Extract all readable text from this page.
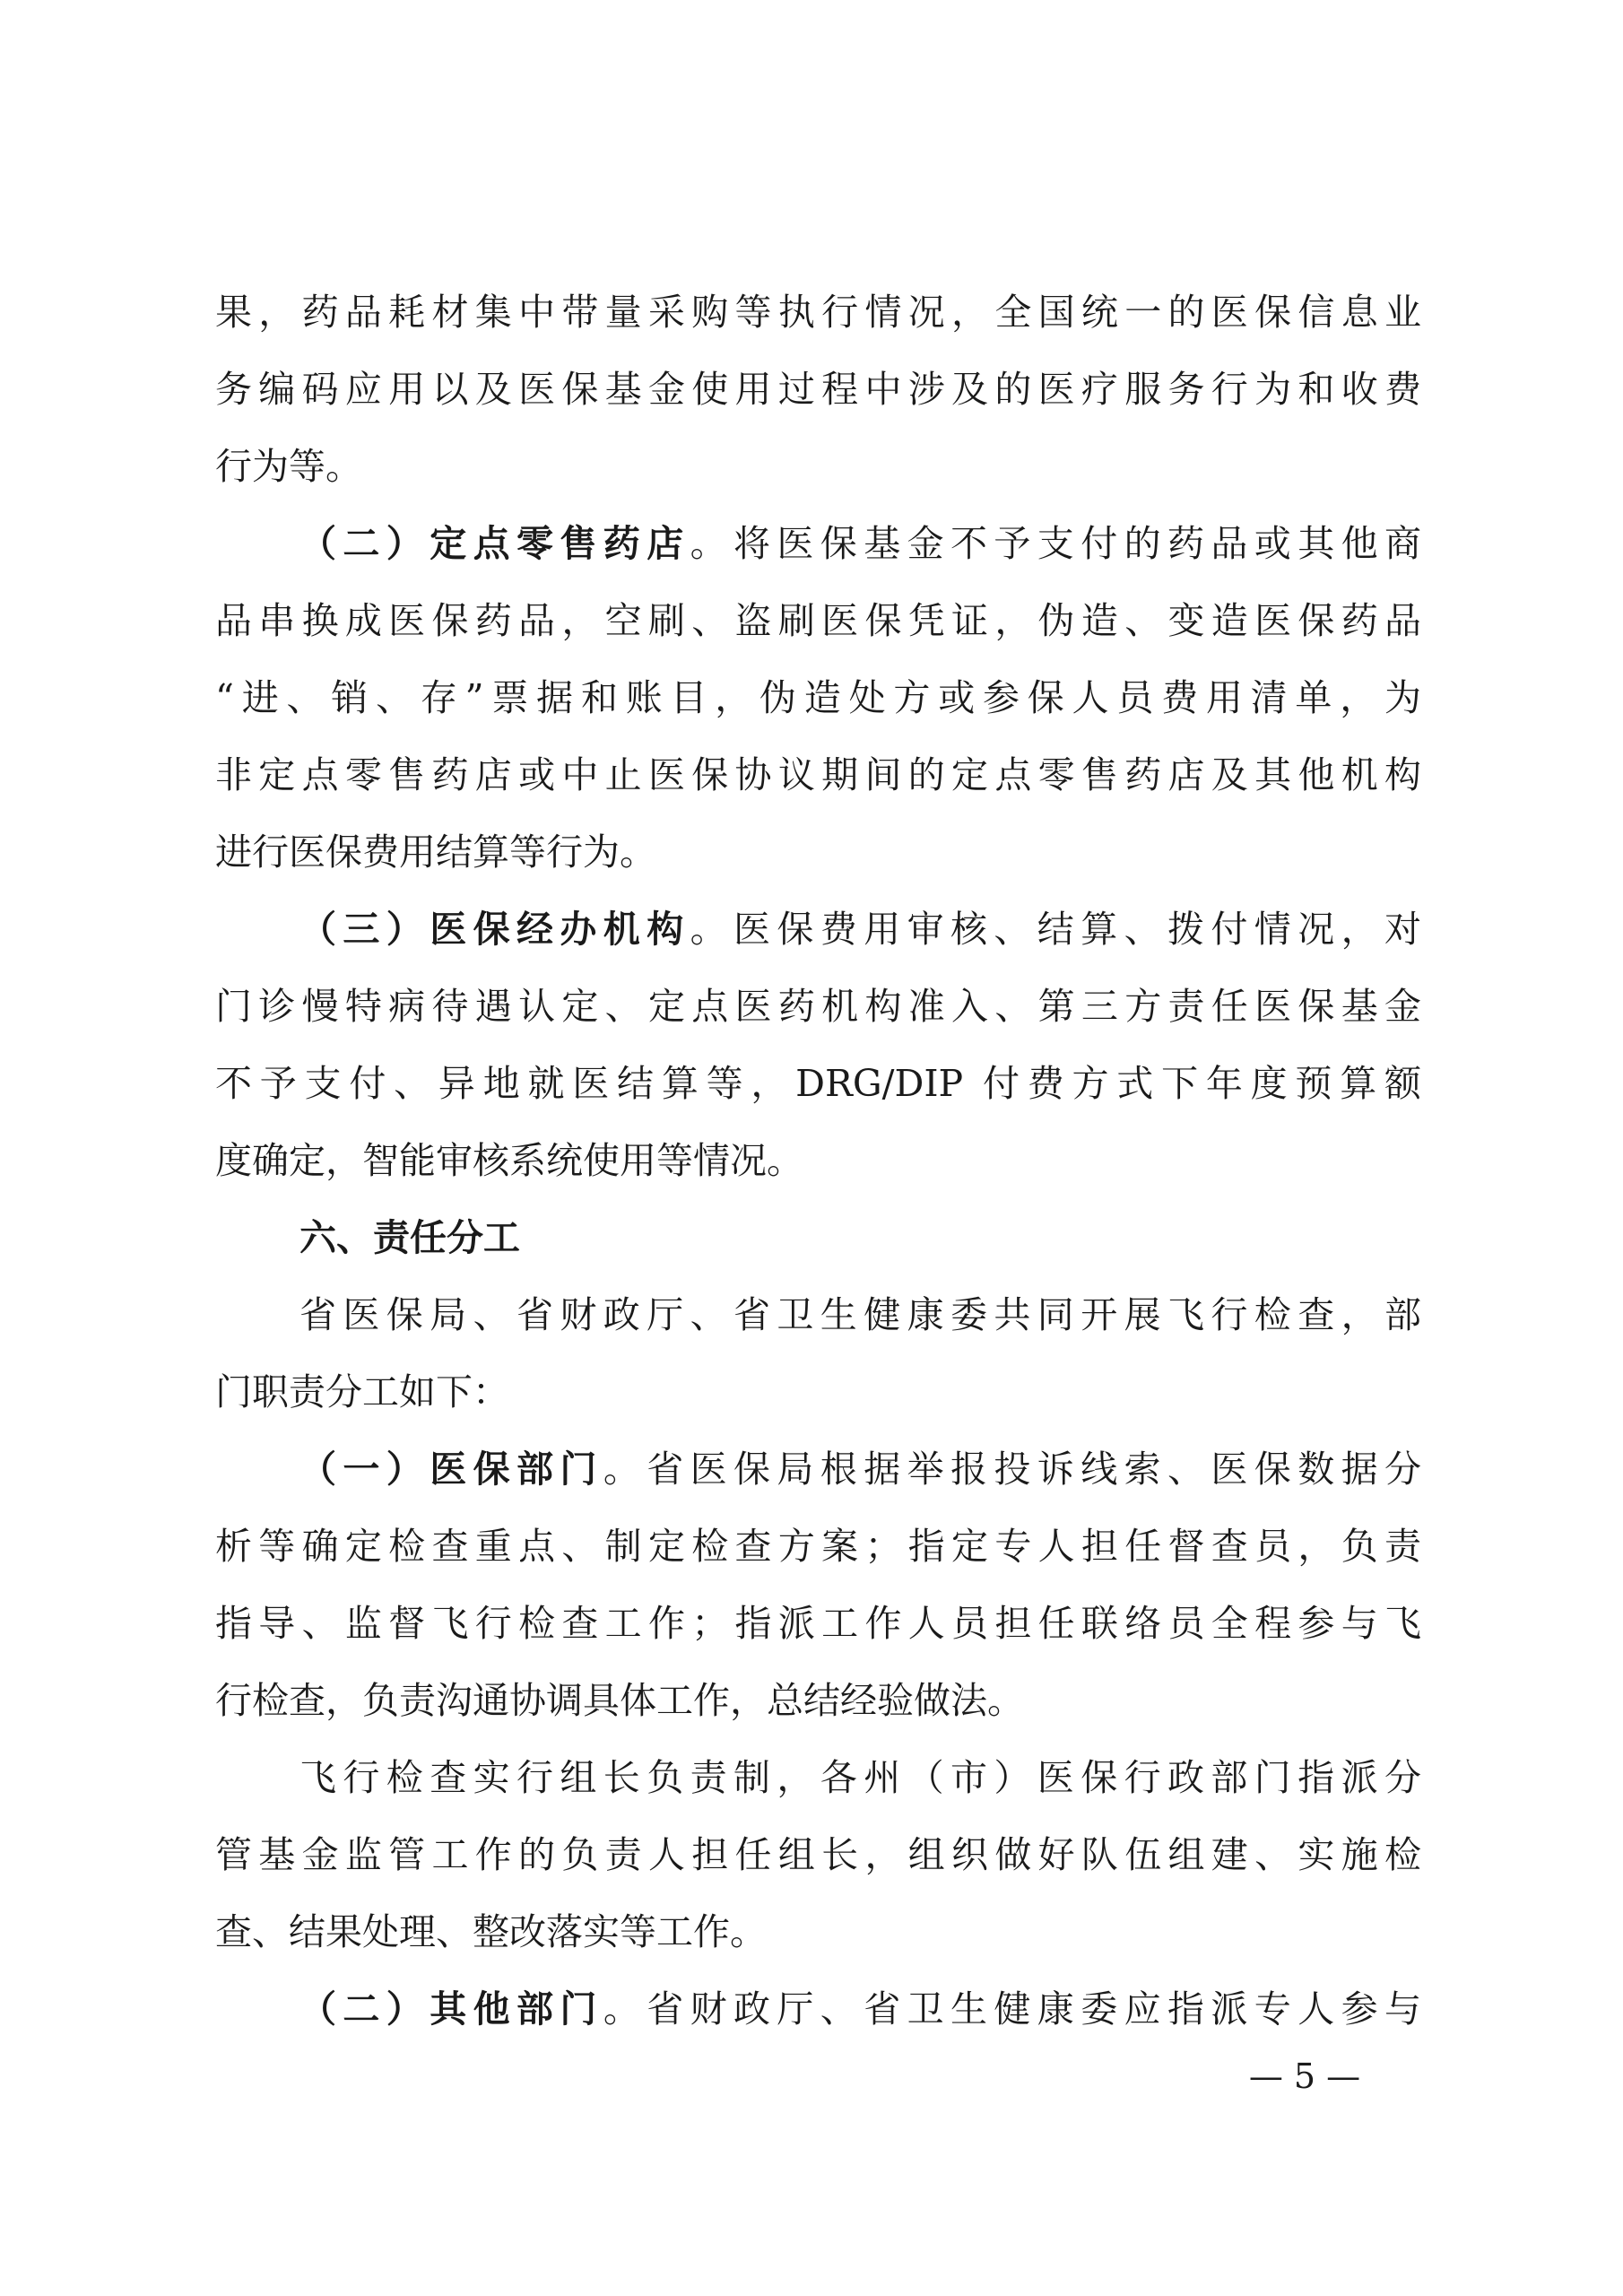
果，药品耗材集中带量采购等执行情况，全国统一的医保信息业
务编码应用以及医保基金使用过程中涉及的医疗服务行为和收费
行为等。
（二）定点零售药店。将医保基金不予支付的药品或其他商
品串换成医保药品，空刷、盗刷医保凭证，伪造、变造医保药品
“进、销、存”票据和账目，伪造处方或参保人员费用清单，为
非定点零售药店或中止医保协议期间的定点零售药店及其他机构
进行医保费用结算等行为。
（三）医保经办机构。医保费用审核、结算、拨付情况，对
门诊慢特病待遇认定、定点医药机构准入、第三方责任医保基金
不予支付、异地就医结算等，DRG/DIP 付费方式下年度预算额
度确定，智能审核系统使用等情况。
六、责任分工
省医保局、省财政厅、省卫生健康委共同开展飞行检查，部
门职责分工如下：
（一）医保部门。省医保局根据举报投诉线索、医保数据分
析等确定检查重点、制定检查方案；指定专人担任督查员，负责
指导、监督飞行检查工作；指派工作人员担任联络员全程参与飞
行检查，负责沟通协调具体工作，总结经验做法。
飞行检查实行组长负责制，各州（市）医保行政部门指派分
管基金监管工作的负责人担任组长，组织做好队伍组建、实施检
查、结果处理、整改落实等工作。
（二）其他部门。省财政厅、省卫生健康委应指派专人参与
— 5 —
